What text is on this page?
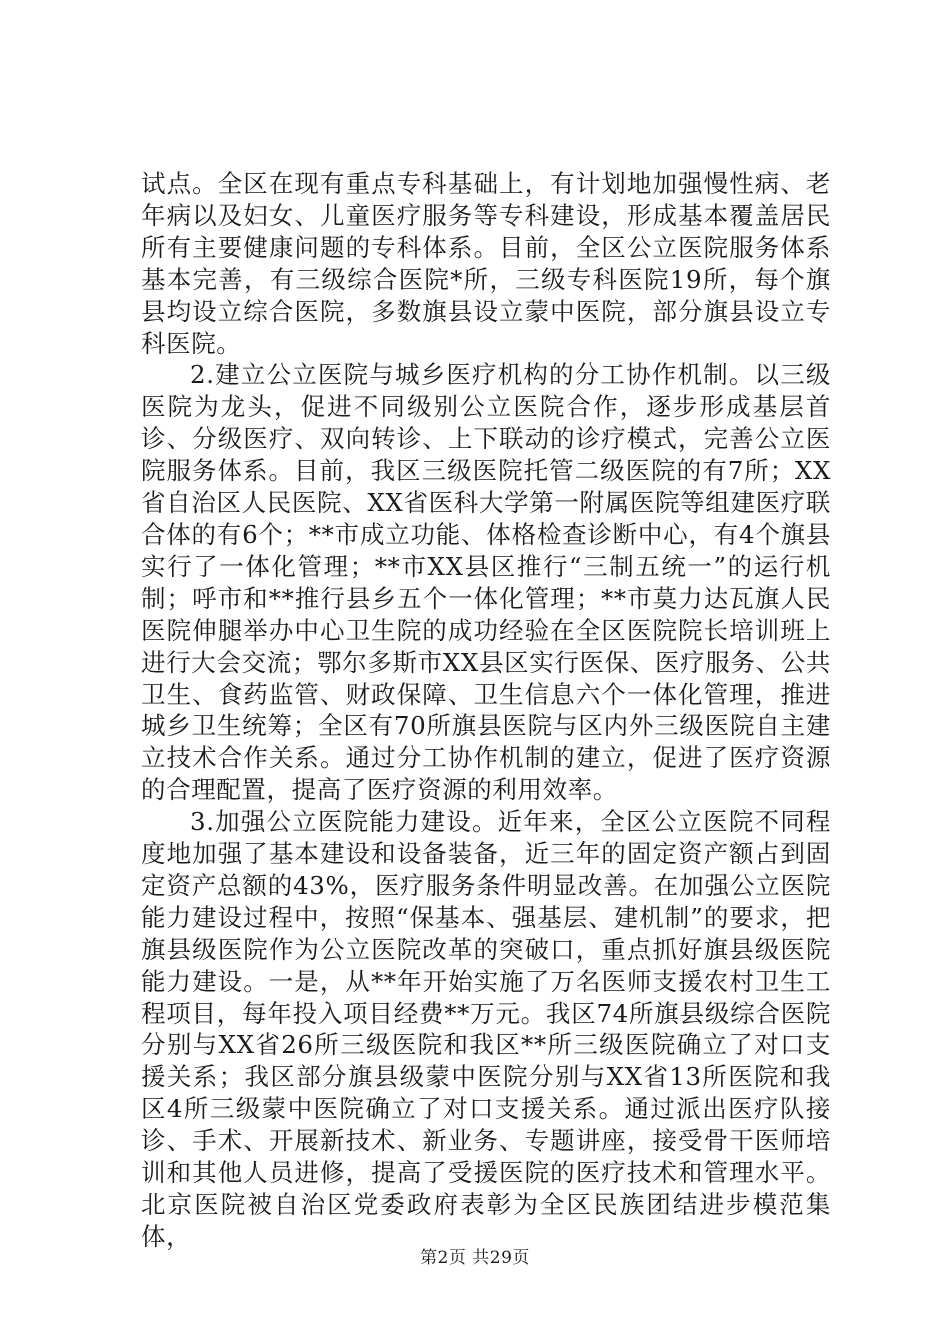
试点。全区在现有重点专科基础上，有计划地加强慢性病、老年病以及妇女、儿童医疗服务等专科建设，形成基本覆盖居民所有主要健康问题的专科体系。目前，全区公立医院服务体系基本完善，有三级综合医院*所，三级专科医院19所，每个旗县均设立综合医院，多数旗县设立蒙中医院，部分旗县设立专科医院。

2.建立公立医院与城乡医疗机构的分工协作机制。以三级医院为龙头，促进不同级别公立医院合作，逐步形成基层首诊、分级医疗、双向转诊、上下联动的诊疗模式，完善公立医院服务体系。目前，我区三级医院托管二级医院的有7所；XX省自治区人民医院、XX省医科大学第一附属医院等组建医疗联合体的有6个；**市成立功能、体格检查诊断中心，有4个旗县实行了一体化管理；**市XX县区推行“三制五统一”的运行机制；呼市和**推行县乡五个一体化管理；**市莫力达瓦旗人民医院伸腿举办中心卫生院的成功经验在全区医院院长培训班上进行大会交流；鄂尔多斯市XX县区实行医保、医疗服务、公共卫生、食药监管、财政保障、卫生信息六个一体化管理，推进城乡卫生统筹；全区有70所旗县医院与区内外三级医院自主建立技术合作关系。通过分工协作机制的建立，促进了医疗资源的合理配置，提高了医疗资源的利用效率。

3.加强公立医院能力建设。近年来，全区公立医院不同程度地加强了基本建设和设备装备，近三年的固定资产额占到固定资产总额的43%，医疗服务条件明显改善。在加强公立医院能力建设过程中，按照“保基本、强基层、建机制”的要求，把旗县级医院作为公立医院改革的突破口，重点抓好旗县级医院能力建设。一是，从**年开始实施了万名医师支援农村卫生工程项目，每年投入项目经费**万元。我区74所旗县级综合医院分别与XX省26所三级医院和我区**所三级医院确立了对口支援关系；我区部分旗县级蒙中医院分别与XX省13所医院和我区4所三级蒙中医院确立了对口支援关系。通过派出医疗队接诊、手术、开展新技术、新业务、专题讲座，接受骨干医师培训和其他人员进修，提高了受援医院的医疗技术和管理水平。北京医院被自治区党委政府表彰为全区民族团结进步模范集体，

第2页 共29页
